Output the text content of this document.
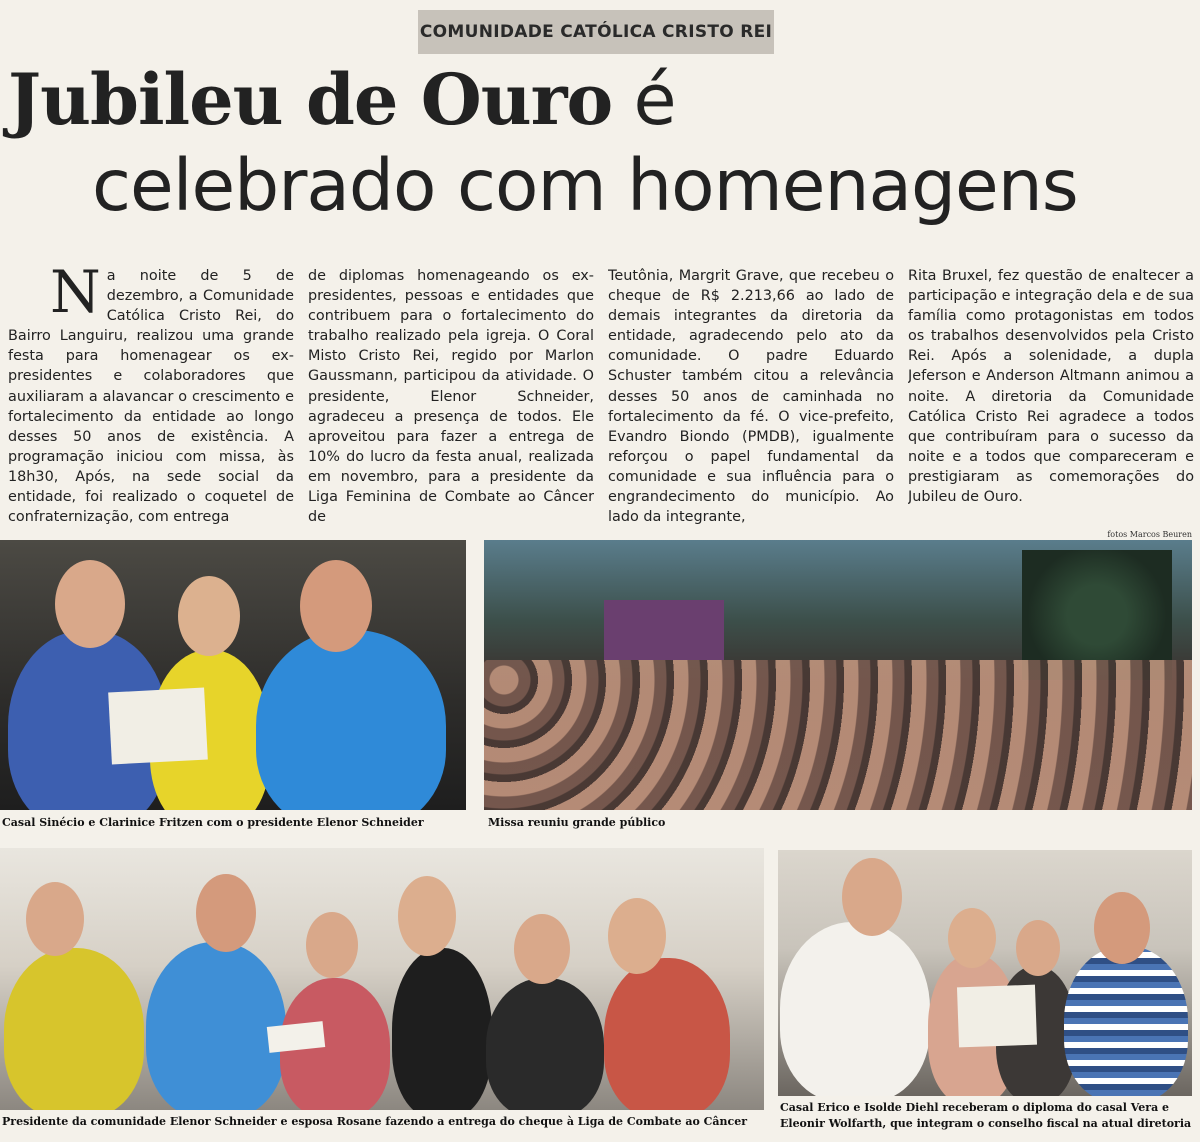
COMUNIDADE CATÓLICA CRISTO REI
Jubileu de Ouro é
celebrado com homenagens

Na noite de 5 de dezembro, a Comunidade Católica Cristo Rei, do Bairro Languiru, realizou uma grande festa para homenagear os ex-presidentes e colaboradores que auxiliaram a alavancar o crescimento e fortalecimento da entidade ao longo desses 50 anos de existência. A programação iniciou com missa, às 18h30, Após, na sede social da entidade, foi realizado o coquetel de confraternização, com entrega

de diplomas homenageando os ex-presidentes, pessoas e entidades que contribuem para o fortalecimento do trabalho realizado pela igreja. O Coral Misto Cristo Rei, regido por Marlon Gaussmann, participou da atividade. O presidente, Elenor Schneider, agradeceu a presença de todos. Ele aproveitou para fazer a entrega de 10% do lucro da festa anual, realizada em novembro, para a presidente da Liga Feminina de Combate ao Câncer de

Teutônia, Margrit Grave, que recebeu o cheque de R$ 2.213,66 ao lado de demais integrantes da diretoria da entidade, agradecendo pelo ato da comunidade. O padre Eduardo Schuster também citou a relevância desses 50 anos de caminhada no fortalecimento da fé. O vice-prefeito, Evandro Biondo (PMDB), igualmente reforçou o papel fundamental da comunidade e sua influência para o engrandecimento do município. Ao lado da integrante,

Rita Bruxel, fez questão de enaltecer a participação e integração dela e de sua família como protagonistas em todos os trabalhos desenvolvidos pela Cristo Rei. Após a solenidade, a dupla Jeferson e Anderson Altmann animou a noite. A diretoria da Comunidade Católica Cristo Rei agradece a todos que contribuíram para o sucesso da noite e a todos que compareceram e prestigiaram as comemorações do Jubileu de Ouro.

fotos Marcos Beuren
Casal Sinécio e Clarinice Fritzen com o presidente Elenor Schneider	Missa reuniu grande público
Presidente da comunidade Elenor Schneider e esposa Rosane fazendo a entrega do cheque à Liga de Combate ao Câncer
Casal Erico e Isolde Diehl receberam o diploma do casal Vera e Eleonir Wolfarth, que integram o conselho fiscal na atual diretoria
